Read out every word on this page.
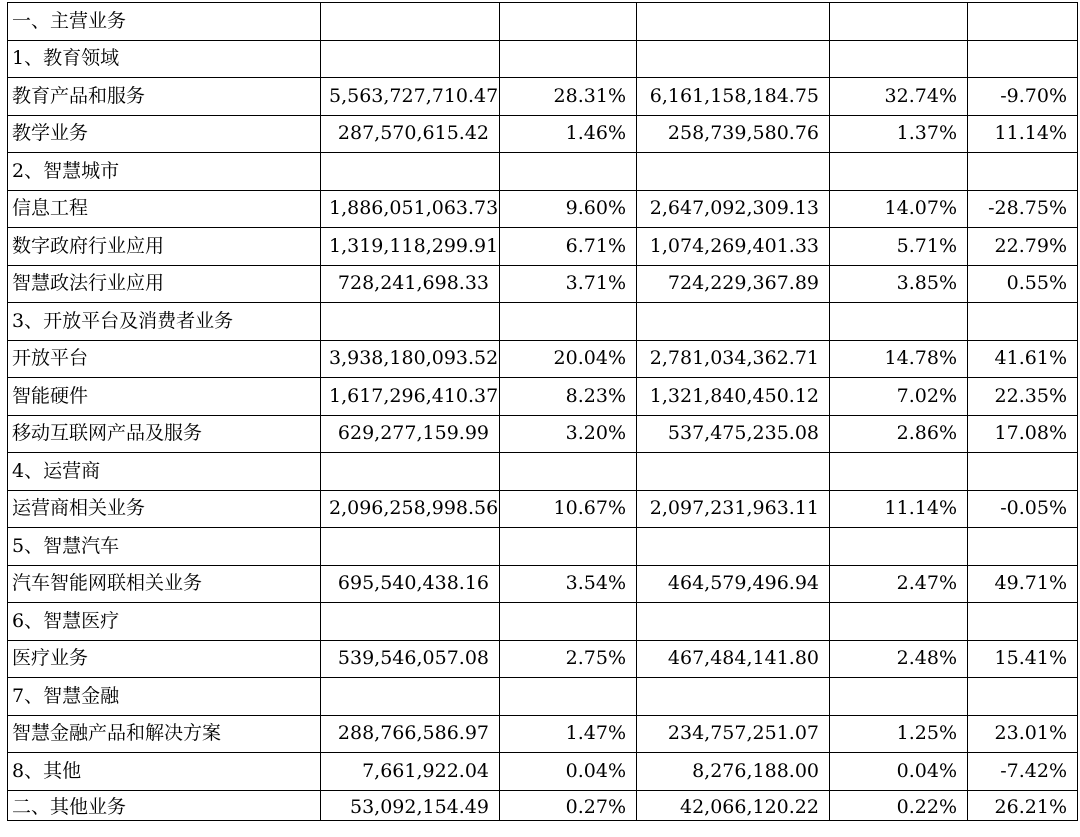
一、主营业务					
1、教育领域					
教育产品和服务	5,563,727,710.47	28.31%	6,161,158,184.75	32.74%	-9.70%
教学业务	287,570,615.42	1.46%	258,739,580.76	1.37%	11.14%
2、智慧城市					
信息工程	1,886,051,063.73	9.60%	2,647,092,309.13	14.07%	-28.75%
数字政府行业应用	1,319,118,299.91	6.71%	1,074,269,401.33	5.71%	22.79%
智慧政法行业应用	728,241,698.33	3.71%	724,229,367.89	3.85%	0.55%
3、开放平台及消费者业务					
开放平台	3,938,180,093.52	20.04%	2,781,034,362.71	14.78%	41.61%
智能硬件	1,617,296,410.37	8.23%	1,321,840,450.12	7.02%	22.35%
移动互联网产品及服务	629,277,159.99	3.20%	537,475,235.08	2.86%	17.08%
4、运营商					
运营商相关业务	2,096,258,998.56	10.67%	2,097,231,963.11	11.14%	-0.05%
5、智慧汽车					
汽车智能网联相关业务	695,540,438.16	3.54%	464,579,496.94	2.47%	49.71%
6、智慧医疗					
医疗业务	539,546,057.08	2.75%	467,484,141.80	2.48%	15.41%
7、智慧金融					
智慧金融产品和解决方案	288,766,586.97	1.47%	234,757,251.07	1.25%	23.01%
8、其他	7,661,922.04	0.04%	8,276,188.00	0.04%	-7.42%
二、其他业务	53,092,154.49	0.27%	42,066,120.22	0.22%	26.21%
